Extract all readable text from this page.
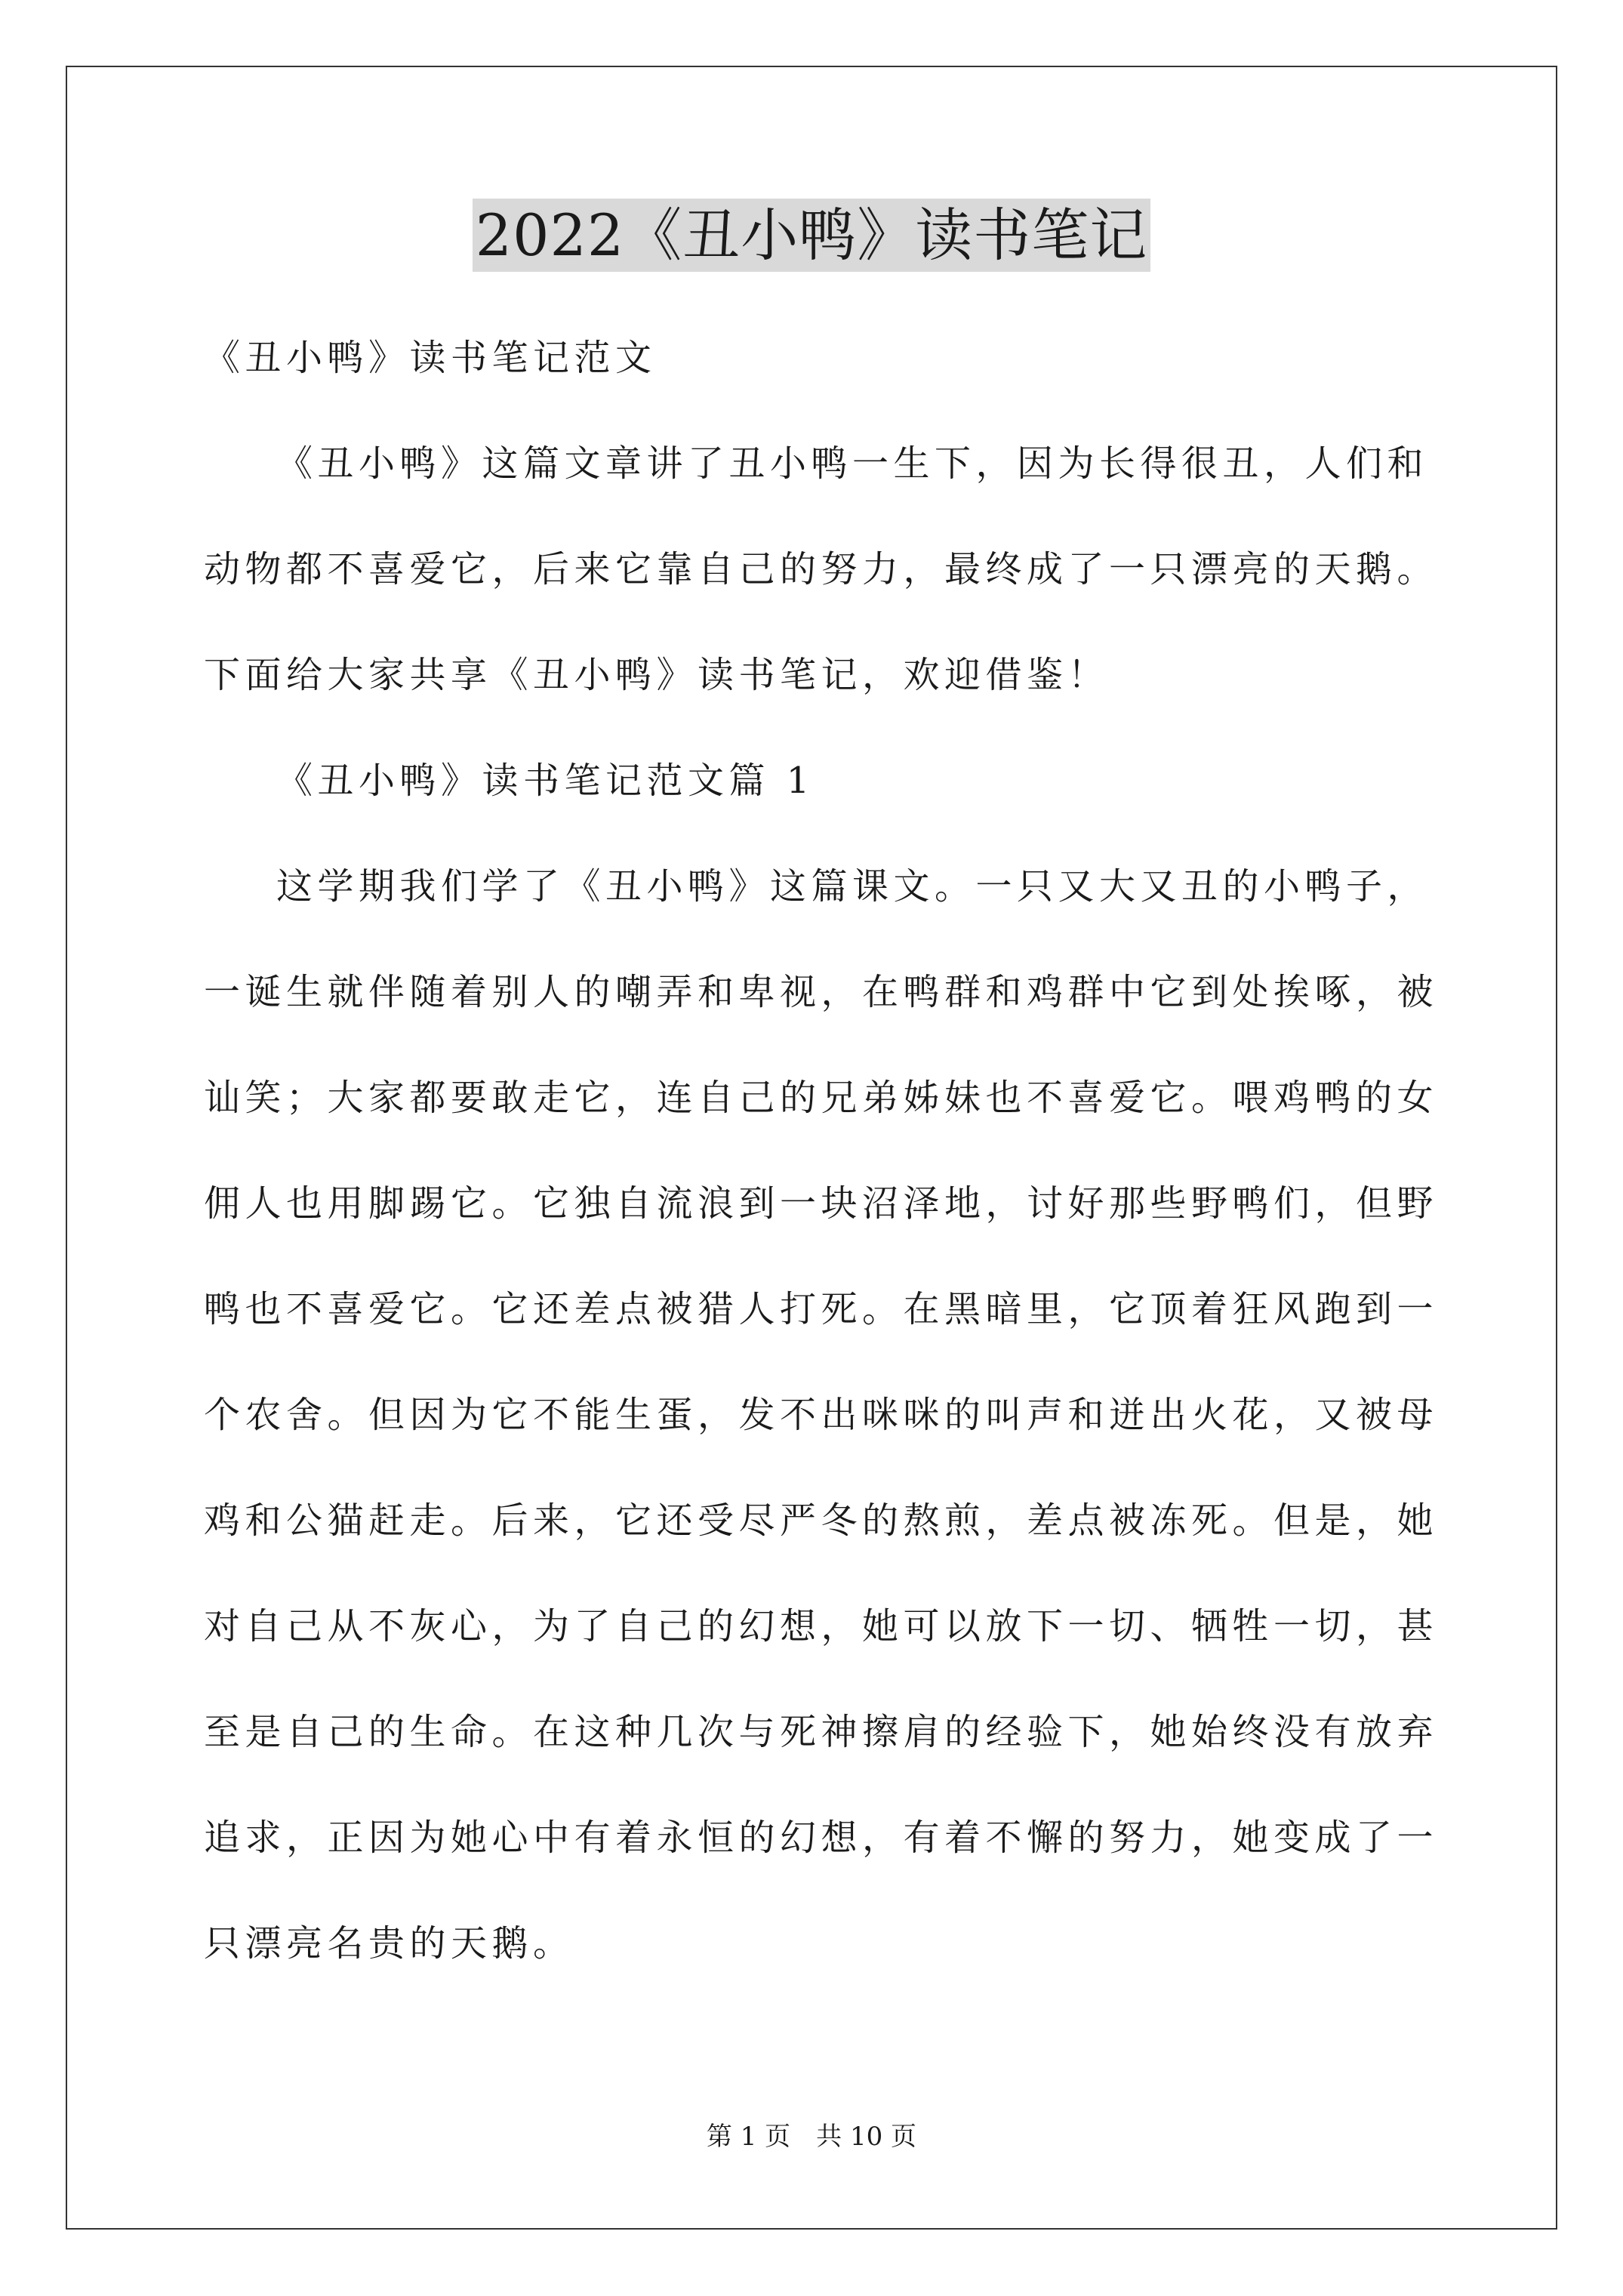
2022《丑小鸭》读书笔记
《丑小鸭》读书笔记范文
《丑小鸭》这篇文章讲了丑小鸭一生下，因为长得很丑，人们和
动物都不喜爱它，后来它靠自己的努力，最终成了一只漂亮的天鹅。
下面给大家共享《丑小鸭》读书笔记，欢迎借鉴！
《丑小鸭》读书笔记范文篇 1
这学期我们学了《丑小鸭》这篇课文。一只又大又丑的小鸭子，
一诞生就伴随着别人的嘲弄和卑视，在鸭群和鸡群中它到处挨啄，被
讪笑；大家都要敢走它，连自己的兄弟姊妹也不喜爱它。喂鸡鸭的女
佣人也用脚踢它。它独自流浪到一块沼泽地，讨好那些野鸭们，但野
鸭也不喜爱它。它还差点被猎人打死。在黑暗里，它顶着狂风跑到一
个农舍。但因为它不能生蛋，发不出咪咪的叫声和迸出火花，又被母
鸡和公猫赶走。后来，它还受尽严冬的熬煎，差点被冻死。但是，她
对自己从不灰心，为了自己的幻想，她可以放下一切、牺牲一切，甚
至是自己的生命。在这种几次与死神擦肩的经验下，她始终没有放弃
追求，正因为她心中有着永恒的幻想，有着不懈的努力，她变成了一
只漂亮名贵的天鹅。
第 1 页 共 10 页
